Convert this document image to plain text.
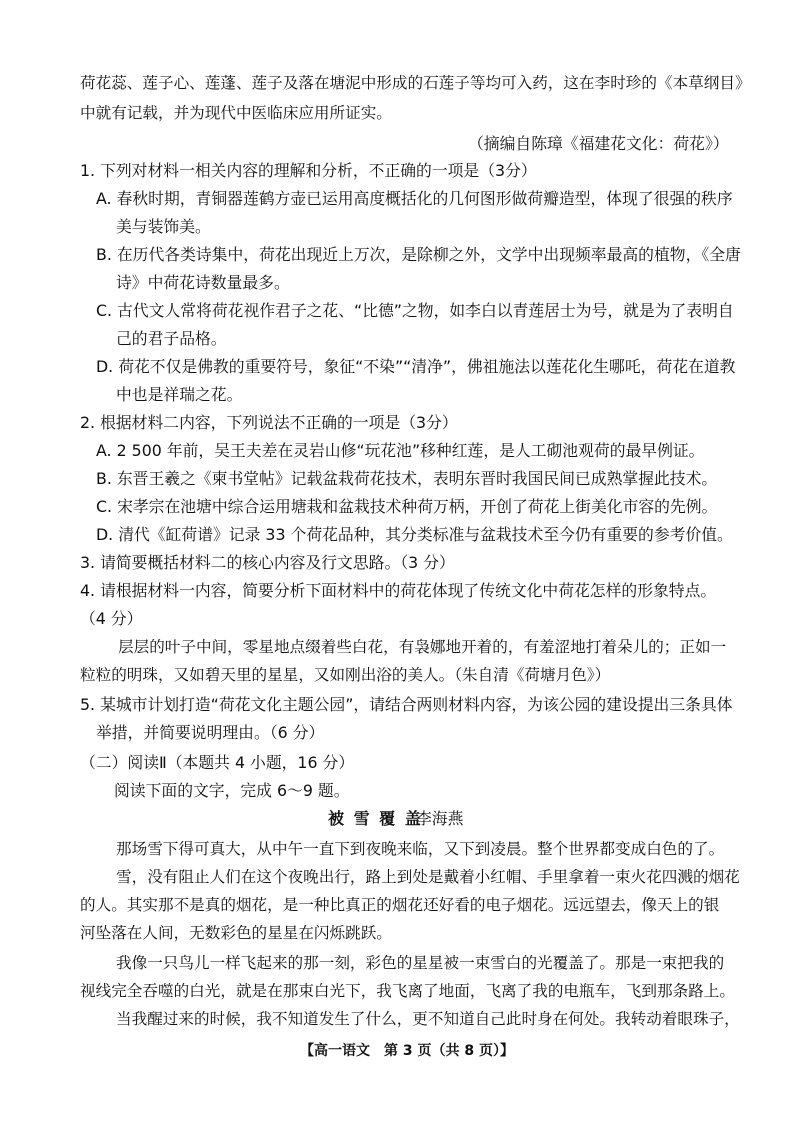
荷花蕊、莲子心、莲蓬、莲子及落在塘泥中形成的石莲子等均可入药，这在李时珍的《本草纲目》
中就有记载，并为现代中医临床应用所证实。
（摘编自陈璋《福建花文化：荷花》）
1. 下列对材料一相关内容的理解和分析，不正确的一项是（3分）
A. 春秋时期，青铜器莲鹤方壶已运用高度概括化的几何图形做荷瓣造型，体现了很强的秩序
美与装饰美。
B. 在历代各类诗集中，荷花出现近上万次，是除柳之外，文学中出现频率最高的植物，《全唐
诗》中荷花诗数量最多。
C. 古代文人常将荷花视作君子之花、“比德”之物，如李白以青莲居士为号，就是为了表明自
己的君子品格。
D. 荷花不仅是佛教的重要符号，象征“不染”“清净”，佛祖施法以莲花化生哪吒，荷花在道教
中也是祥瑞之花。
2. 根据材料二内容，下列说法不正确的一项是（3分）
A. 2 500 年前，吴王夫差在灵岩山修“玩花池”移种红莲，是人工砌池观荷的最早例证。
B. 东晋王羲之《柬书堂帖》记载盆栽荷花技术，表明东晋时我国民间已成熟掌握此技术。
C. 宋孝宗在池塘中综合运用塘栽和盆栽技术种荷万柄，开创了荷花上街美化市容的先例。
D. 清代《缸荷谱》记录 33 个荷花品种，其分类标准与盆栽技术至今仍有重要的参考价值。
3. 请简要概括材料二的核心内容及行文思路。（3 分）
4. 请根据材料一内容，简要分析下面材料中的荷花体现了传统文化中荷花怎样的形象特点。
（4 分）
层层的叶子中间，零星地点缀着些白花，有袅娜地开着的，有羞涩地打着朵儿的；正如一
粒粒的明珠，又如碧天里的星星，又如刚出浴的美人。（朱自清《荷塘月色》）
5. 某城市计划打造“荷花文化主题公园”，请结合两则材料内容，为该公园的建设提出三条具体
举措，并简要说明理由。（6 分）
（二）阅读Ⅱ（本题共 4 小题，16 分）
阅读下面的文字，完成 6～9 题。
被 雪 覆 盖
李海燕
那场雪下得可真大，从中午一直下到夜晚来临，又下到凌晨。整个世界都变成白色的了。
雪，没有阻止人们在这个夜晚出行，路上到处是戴着小红帽、手里拿着一束火花四溅的烟花
的人。其实那不是真的烟花，是一种比真正的烟花还好看的电子烟花。远远望去，像天上的银
河坠落在人间，无数彩色的星星在闪烁跳跃。
我像一只鸟儿一样飞起来的那一刻，彩色的星星被一束雪白的光覆盖了。那是一束把我的
视线完全吞噬的白光，就是在那束白光下，我飞离了地面，飞离了我的电瓶车，飞到那条路上。
当我醒过来的时候，我不知道发生了什么，更不知道自己此时身在何处。我转动着眼珠子，
【高一语文　第 3 页（共 8 页）】
